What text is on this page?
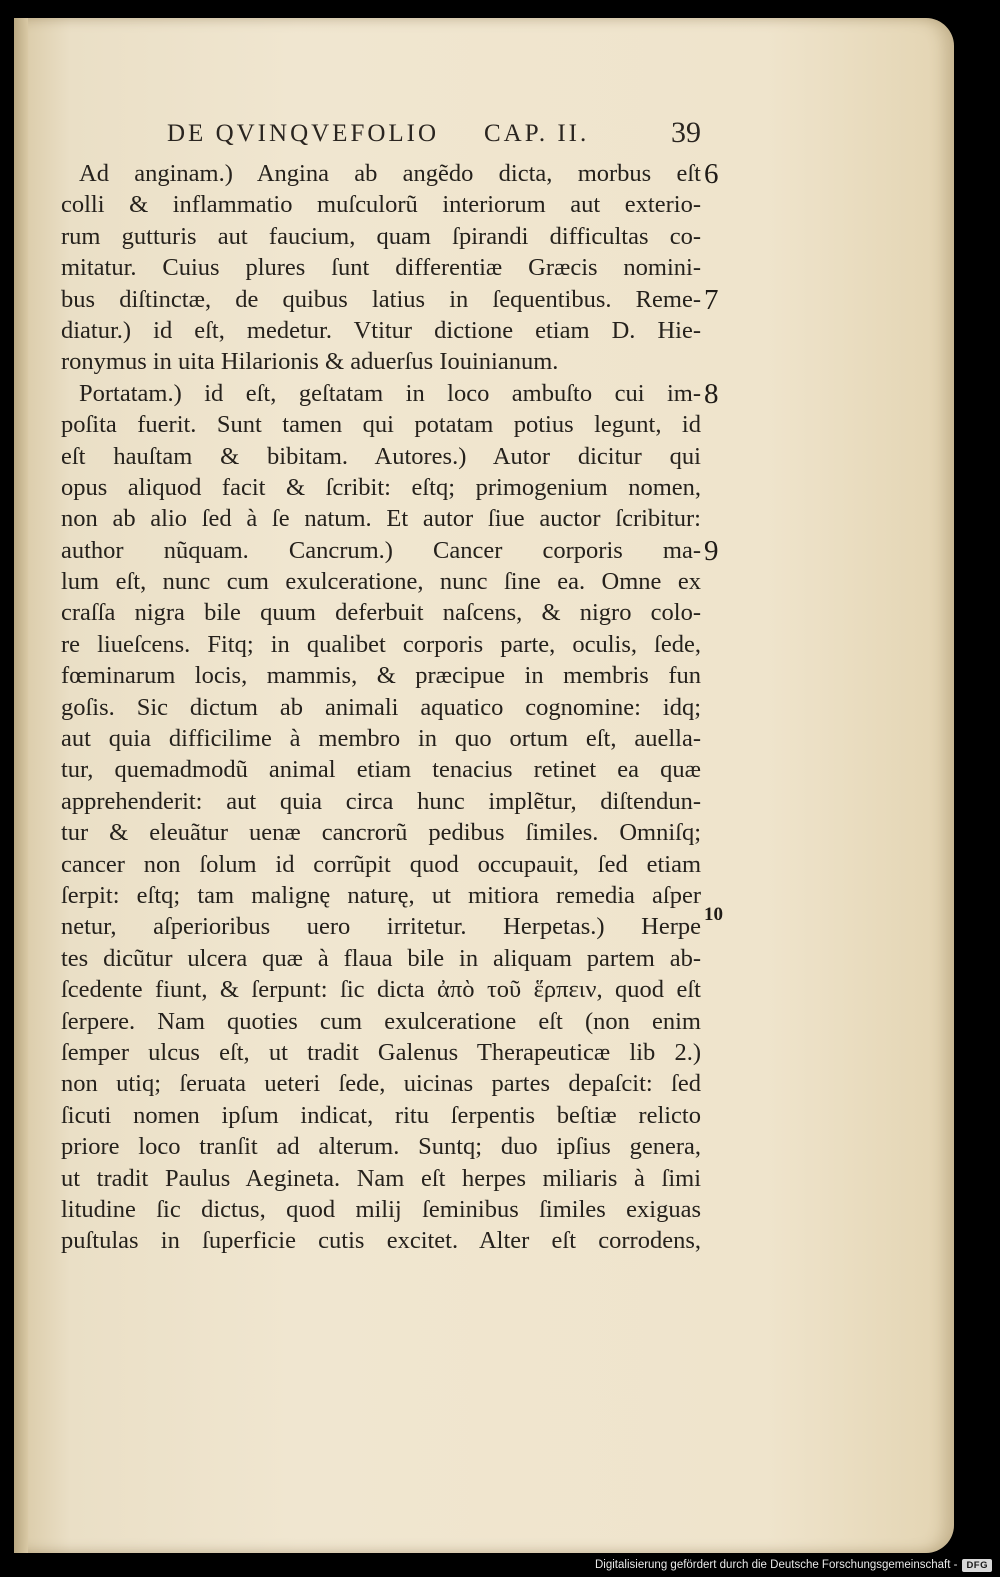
DE QVINQVEFOLIO CAP. II.	39
Ad anginam.) Angina ab angẽdo dicta, morbus eſt
colli & inflammatio muſculorũ interiorum aut exterio-
rum gutturis aut faucium, quam ſpirandi difficultas co-
mitatur. Cuius plures ſunt differentiæ Græcis nomini-
bus diſtinctæ, de quibus latius in ſequentibus. Reme-
diatur.) id eſt, medetur. Vtitur dictione etiam D. Hie-
ronymus in uita Hilarionis & aduerſus Iouinianum.
Portatam.) id eſt, geſtatam in loco ambuſto cui im-
poſita fuerit. Sunt tamen qui potatam potius legunt, id
eſt hauſtam & bibitam. Autores.) Autor dicitur qui
opus aliquod facit & ſcribit: eſtq; primogenium nomen,
non ab alio ſed à ſe natum. Et autor ſiue auctor ſcribitur:
author nũquam. Cancrum.) Cancer corporis ma-
lum eſt, nunc cum exulceratione, nunc ſine ea. Omne ex
craſſa nigra bile quum deferbuit naſcens, & nigro colo-
re liueſcens. Fitq; in qualibet corporis parte, oculis, ſede,
fœminarum locis, mammis, & præcipue in membris fun
goſis. Sic dictum ab animali aquatico cognomine: idq;
aut quia difficilime à membro in quo ortum eſt, auella-
tur, quemadmodũ animal etiam tenacius retinet ea quæ
apprehenderit: aut quia circa hunc implẽtur, diſtendun-
tur & eleuãtur uenæ cancrorũ pedibus ſimiles. Omniſq;
cancer non ſolum id corrũpit quod occupauit, ſed etiam
ſerpit: eſtq; tam malignę naturę, ut mitiora remedia aſper
netur, aſperioribus uero irritetur. Herpetas.) Herpe
tes dicũtur ulcera quæ à flaua bile in aliquam partem ab-
ſcedente fiunt, & ſerpunt: ſic dicta ἀπὸ τοῦ ἕρπειν, quod eſt
ſerpere. Nam quoties cum exulceratione eſt (non enim
ſemper ulcus eſt, ut tradit Galenus Therapeuticæ lib 2.)
non utiq; ſeruata ueteri ſede, uicinas partes depaſcit: ſed
ſicuti nomen ipſum indicat, ritu ſerpentis beſtiæ relicto
priore loco tranſit ad alterum. Suntq; duo ipſius genera,
ut tradit Paulus Aegineta. Nam eſt herpes miliaris à ſimi
litudine ſic dictus, quod milij ſeminibus ſimiles exiguas
puſtulas in ſuperficie cutis excitet. Alter eſt corrodens,
6
7
8
9
10
Digitalisierung gefördert durch die Deutsche Forschungsgemeinschaft - DFG
